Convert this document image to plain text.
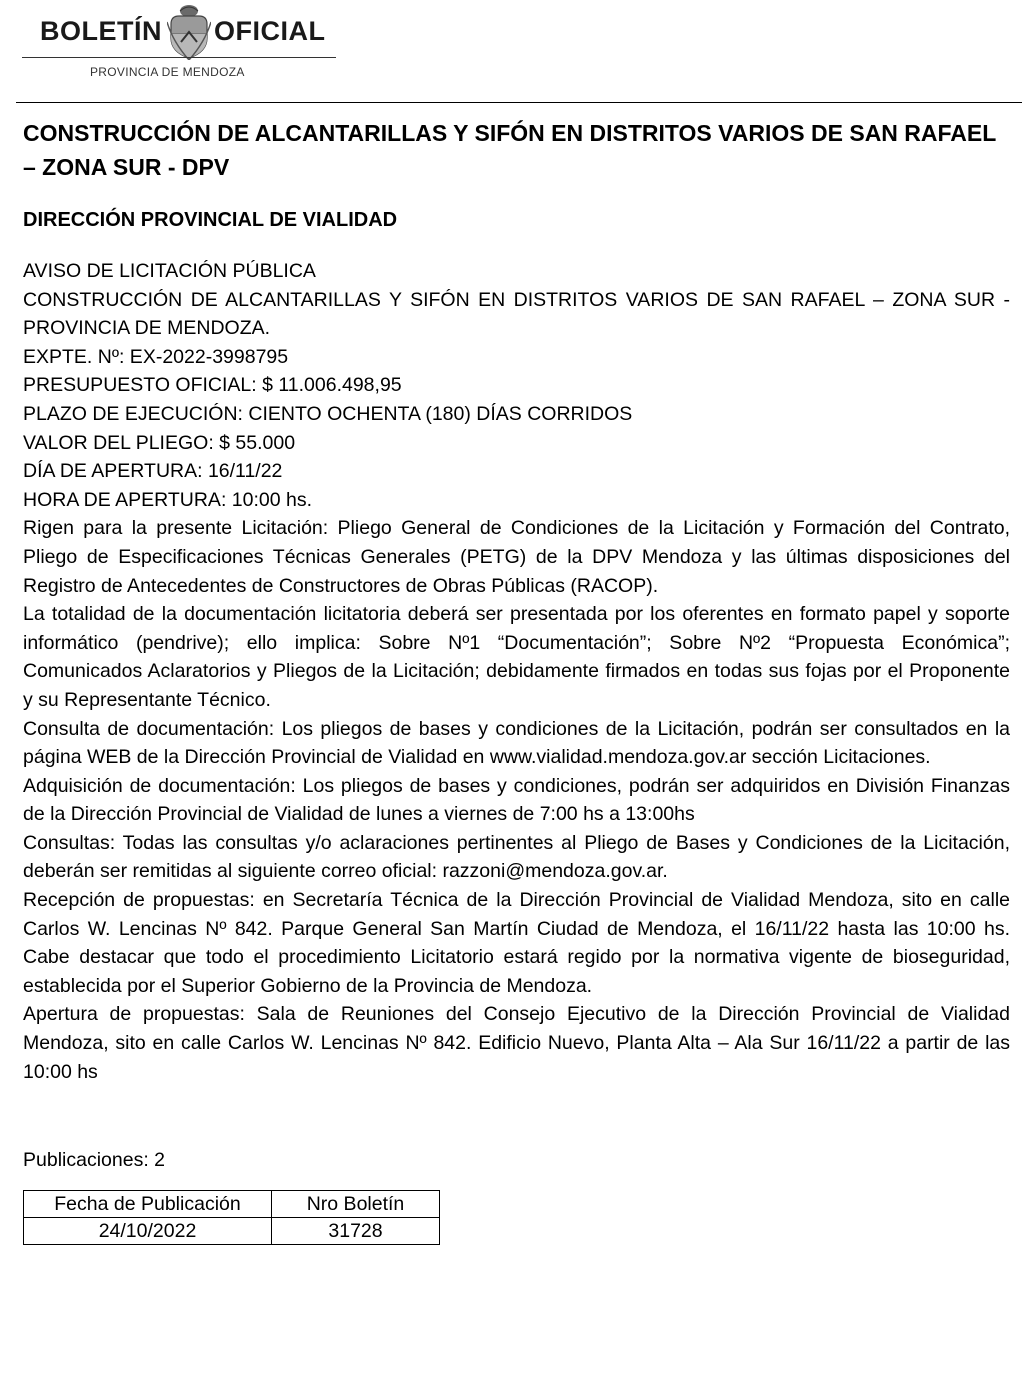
BOLETÍN OFICIAL
PROVINCIA DE MENDOZA
CONSTRUCCIÓN DE ALCANTARILLAS Y SIFÓN EN DISTRITOS VARIOS DE SAN RAFAEL – ZONA SUR - DPV
DIRECCIÓN PROVINCIAL DE VIALIDAD
AVISO DE LICITACIÓN PÚBLICA
CONSTRUCCIÓN DE ALCANTARILLAS Y SIFÓN EN DISTRITOS VARIOS DE SAN RAFAEL – ZONA SUR - PROVINCIA DE MENDOZA.
EXPTE. Nº: EX-2022-3998795
PRESUPUESTO OFICIAL: $ 11.006.498,95
PLAZO DE EJECUCIÓN: CIENTO OCHENTA (180) DÍAS CORRIDOS
VALOR DEL PLIEGO: $ 55.000
DÍA DE APERTURA: 16/11/22
HORA DE APERTURA: 10:00 hs.
Rigen para la presente Licitación: Pliego General de Condiciones de la Licitación y Formación del Contrato, Pliego de Especificaciones Técnicas Generales (PETG) de la DPV Mendoza y las últimas disposiciones del Registro de Antecedentes de Constructores de Obras Públicas (RACOP).
La totalidad de la documentación licitatoria deberá ser presentada por los oferentes en formato papel y soporte informático (pendrive); ello implica: Sobre Nº1 “Documentación”; Sobre Nº2 “Propuesta Económica”; Comunicados Aclaratorios y Pliegos de la Licitación; debidamente firmados en todas sus fojas por el Proponente y su Representante Técnico.
Consulta de documentación: Los pliegos de bases y condiciones de la Licitación, podrán ser consultados en la página WEB de la Dirección Provincial de Vialidad en www.vialidad.mendoza.gov.ar sección Licitaciones.
Adquisición de documentación: Los pliegos de bases y condiciones, podrán ser adquiridos en División Finanzas de la Dirección Provincial de Vialidad de lunes a viernes de 7:00 hs a 13:00hs
Consultas: Todas las consultas y/o aclaraciones pertinentes al Pliego de Bases y Condiciones de la Licitación, deberán ser remitidas al siguiente correo oficial: razzoni@mendoza.gov.ar.
Recepción de propuestas: en Secretaría Técnica de la Dirección Provincial de Vialidad Mendoza, sito en calle Carlos W. Lencinas Nº 842. Parque General San Martín Ciudad de Mendoza, el 16/11/22 hasta las 10:00 hs. Cabe destacar que todo el procedimiento Licitatorio estará regido por la normativa vigente de bioseguridad, establecida por el Superior Gobierno de la Provincia de Mendoza.
Apertura de propuestas: Sala de Reuniones del Consejo Ejecutivo de la Dirección Provincial de Vialidad Mendoza, sito en calle Carlos W. Lencinas Nº 842. Edificio Nuevo, Planta Alta – Ala Sur 16/11/22 a partir de las 10:00 hs
Publicaciones: 2
Fecha de Publicación	Nro Boletín
24/10/2022	31728
